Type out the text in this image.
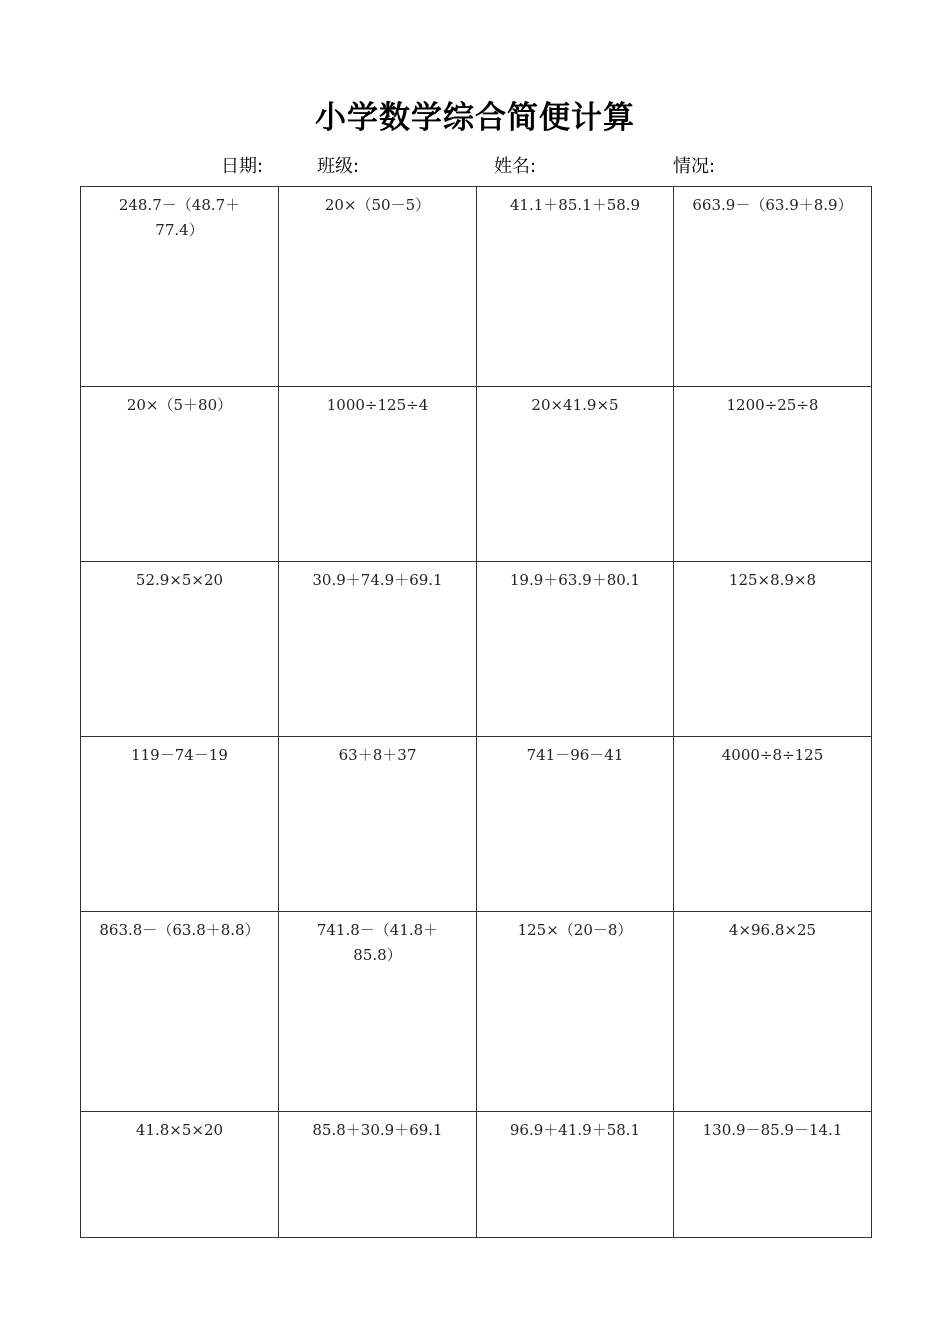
小学数学综合简便计算
日期:	班级:	姓名:	情况:
248.7－（48.7＋77.4）	20×（50－5）	41.1＋85.1＋58.9	663.9－（63.9＋8.9）
20×（5＋80）	1000÷125÷4	20×41.9×5	1200÷25÷8
52.9×5×20	30.9＋74.9＋69.1	19.9＋63.9＋80.1	125×8.9×8
119－74－19	63＋8＋37	741－96－41	4000÷8÷125
863.8－（63.8＋8.8）	741.8－（41.8＋85.8）	125×（20－8）	4×96.8×25
41.8×5×20	85.8＋30.9＋69.1	96.9＋41.9＋58.1	130.9－85.9－14.1
